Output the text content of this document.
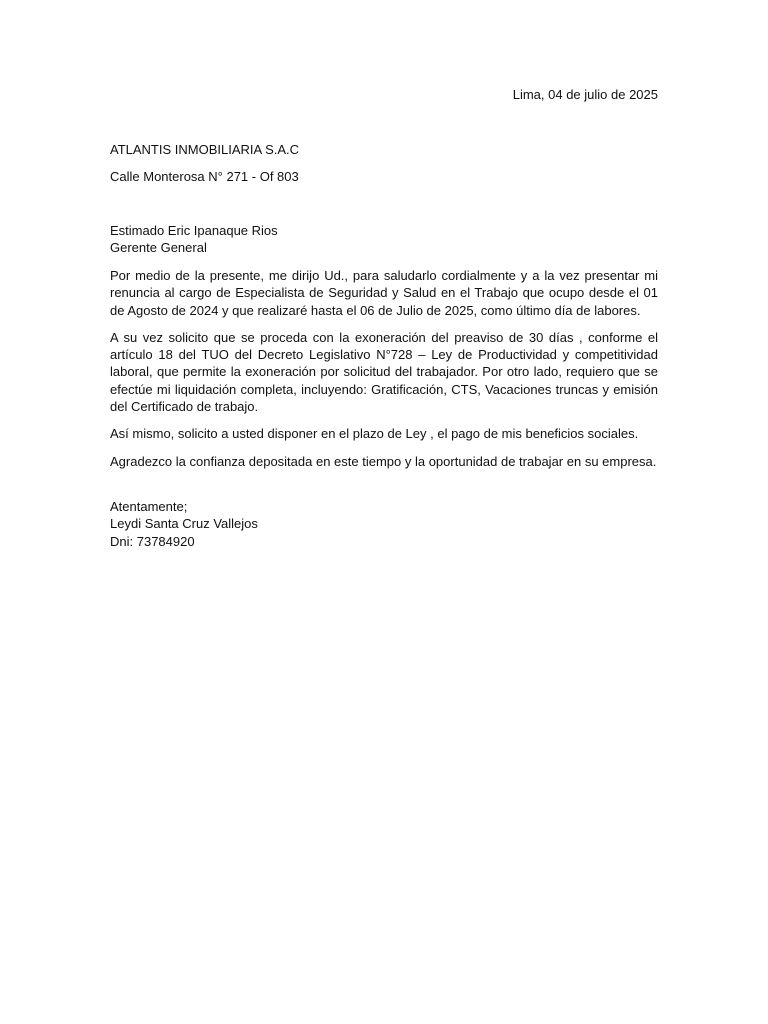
Lima, 04 de julio de 2025

ATLANTIS INMOBILIARIA S.A.C

Calle Monterosa N° 271 - Of 803

Estimado Eric Ipanaque Rios
Gerente General

Por medio de la presente, me dirijo Ud., para saludarlo cordialmente y a la vez presentar mi renuncia al cargo de Especialista de Seguridad y Salud en el Trabajo que ocupo desde el 01 de Agosto de 2024 y que realizaré hasta el 06 de Julio de 2025, como último día de labores.

A su vez solicito que se proceda con la exoneración del preaviso de 30 días , conforme el artículo 18 del TUO del Decreto Legislativo N°728 – Ley de Productividad y competitividad laboral, que permite la exoneración por solicitud del trabajador. Por otro lado, requiero que se efectúe mi liquidación completa, incluyendo: Gratificación, CTS, Vacaciones truncas y emisión del Certificado de trabajo.

Así mismo, solicito a usted disponer en el plazo de Ley , el pago de mis beneficios sociales.

Agradezco la confianza depositada en este tiempo y la oportunidad de trabajar en su empresa.

Atentamente;
Leydi Santa Cruz Vallejos
Dni: 73784920
